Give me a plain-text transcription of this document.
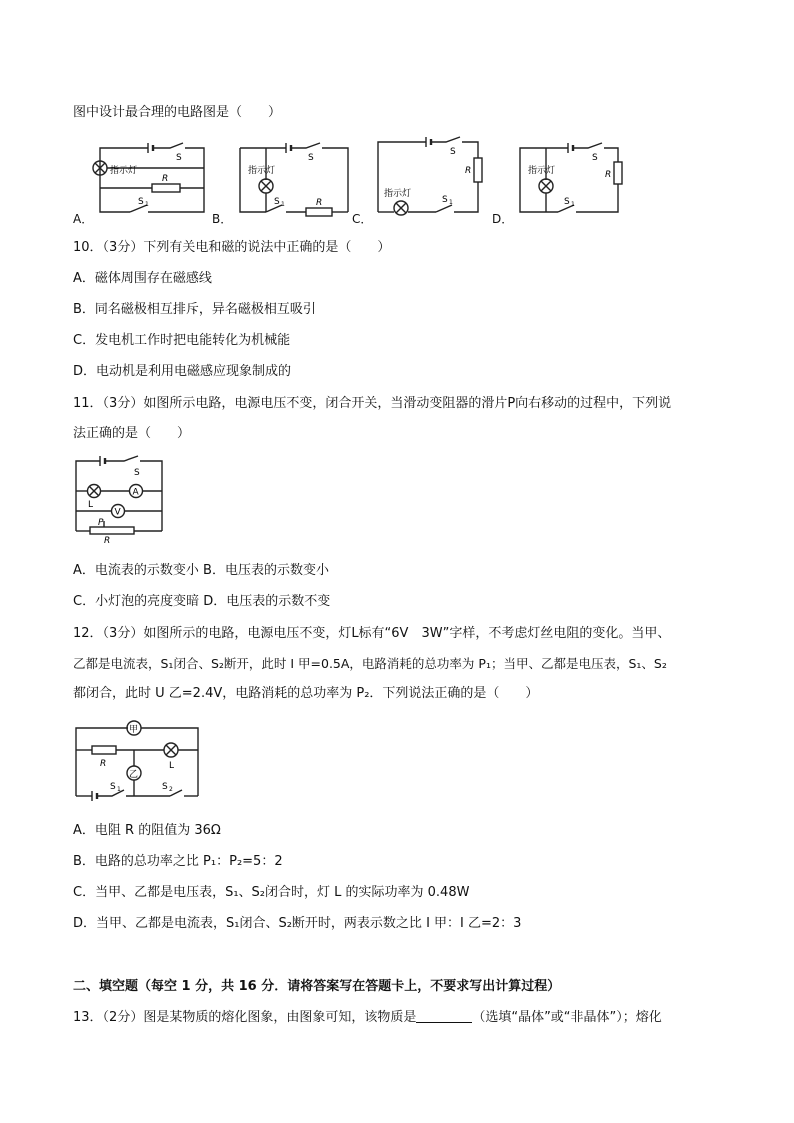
图中设计最合理的电路图是（　　）
指示灯
S
R
S 1
A．
指示灯
S
S 1	R
B．
指示灯
S
R
S 1
C．
指示灯
S
R
S 1
D．
10．（3分）下列有关电和磁的说法中正确的是（　　）
A．磁体周围存在磁感线
B．同名磁极相互排斥，异名磁极相互吸引
C．发电机工作时把电能转化为机械能
D．电动机是利用电磁感应现象制成的
11．（3分）如图所示电路，电源电压不变，闭合开关，当滑动变阻器的滑片P向右移动的过程中，下列说
法正确的是（　　）
S
A
V
L
P
R
A．电流表的示数变小 B．电压表的示数变小
C．小灯泡的亮度变暗 D．电压表的示数不变
12．（3分）如图所示的电路，电源电压不变，灯L标有“6V　3W”字样，不考虑灯丝电阻的变化。当甲、
乙都是电流表，S₁闭合、S₂断开，此时 I 甲=0.5A，电路消耗的总功率为 P₁；当甲、乙都是电压表，S₁、S₂
都闭合，此时 U 乙=2.4V，电路消耗的总功率为 P₂．下列说法正确的是（　　）
甲
乙
R	L
S 1	S 2
A．电阻 R 的阻值为 36Ω
B．电路的总功率之比 P₁：P₂=5：2
C．当甲、乙都是电压表，S₁、S₂闭合时，灯 L 的实际功率为 0.48W
D．当甲、乙都是电流表，S₁闭合、S₂断开时，两表示数之比 I 甲：I 乙=2：3
二、填空题（每空 1 分，共 16 分．请将答案写在答题卡上，不要求写出计算过程）
13．（2分）图是某物质的熔化图象，由图象可知，该物质是	（选填“晶体”或“非晶体”）；熔化
